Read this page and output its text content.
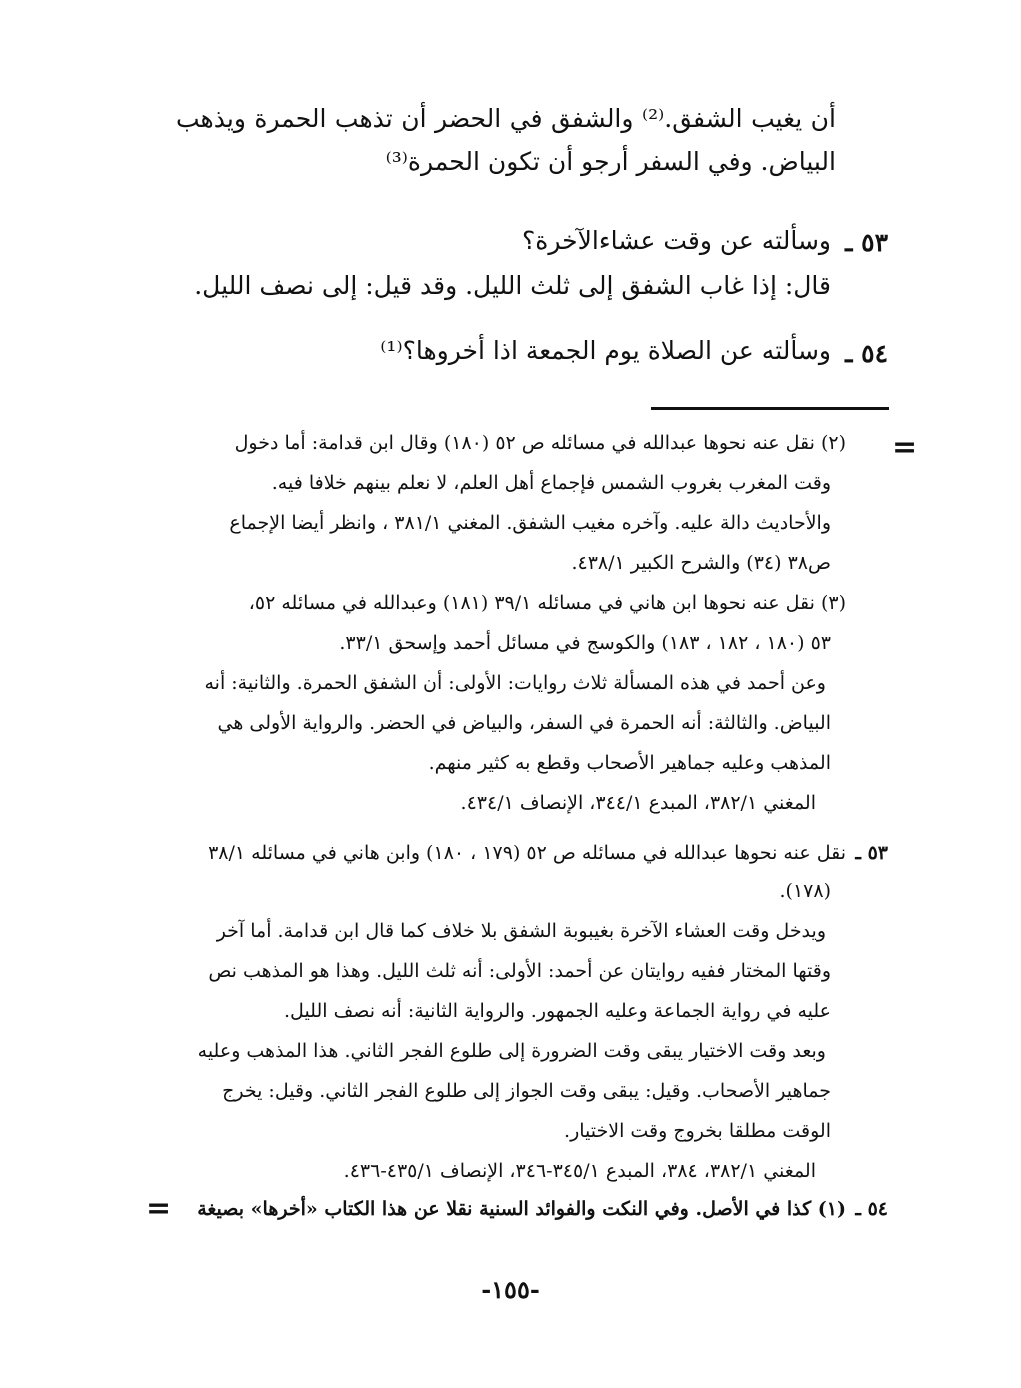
أن يغيب الشفق.⁽²⁾ والشفق في الحضر أن تذهب الحمرة ويذهب
البياض. وفي السفر أرجو أن تكون الحمرة⁽³⁾
٥٣ ـ
وسألته عن وقت عشاءالآخرة؟
قال: إذا غاب الشفق إلى ثلث الليل. وقد قيل: إلى نصف الليل.
٥٤ ـ
وسألته عن الصلاة يوم الجمعة اذا أخروها؟⁽¹⁾
=
(٢) نقل عنه نحوها عبدالله في مسائله ص ٥٢ (١٨٠) وقال ابن قدامة: أما دخول
وقت المغرب بغروب الشمس فإجماع أهل العلم، لا نعلم بينهم خلافا فيه.
والأحاديث دالة عليه. وآخره مغيب الشفق. المغني ٣٨١/١ ، وانظر أيضا الإجماع
ص٣٨ (٣٤) والشرح الكبير ٤٣٨/١.
(٣) نقل عنه نحوها ابن هاني في مسائله ٣٩/١ (١٨١) وعبدالله في مسائله ٥٢،
٥٣ (١٨٠ ، ١٨٢ ، ١٨٣) والكوسج في مسائل أحمد وإسحق ٣٣/١.
وعن أحمد في هذه المسألة ثلاث روايات: الأولى: أن الشفق الحمرة. والثانية: أنه
البياض. والثالثة: أنه الحمرة في السفر، والبياض في الحضر. والرواية الأولى هي
المذهب وعليه جماهير الأصحاب وقطع به كثير منهم.
المغني ٣٨٢/١، المبدع ٣٤٤/١، الإنصاف ٤٣٤/١.
٥٣ ـ
نقل عنه نحوها عبدالله في مسائله ص ٥٢ (١٧٩ ، ١٨٠) وابن هاني في مسائله ٣٨/١
(١٧٨).
ويدخل وقت العشاء الآخرة بغيبوبة الشفق بلا خلاف كما قال ابن قدامة. أما آخر
وقتها المختار ففيه روايتان عن أحمد: الأولى: أنه ثلث الليل. وهذا هو المذهب نص
عليه في رواية الجماعة وعليه الجمهور. والرواية الثانية: أنه نصف الليل.
وبعد وقت الاختيار يبقى وقت الضرورة إلى طلوع الفجر الثاني. هذا المذهب وعليه
جماهير الأصحاب. وقيل: يبقى وقت الجواز إلى طلوع الفجر الثاني. وقيل: يخرج
الوقت مطلقا بخروج وقت الاختيار.
المغني ٣٨٢/١، ٣٨٤، المبدع ٣٤٥/١-٣٤٦، الإنصاف ٤٣٥/١-٤٣٦.
٥٤ ـ
(١) كذا في الأصل. وفي النكت والفوائد السنية نقلا عن هذا الكتاب «أخرها» بصيغة
=
-١٥٥-
